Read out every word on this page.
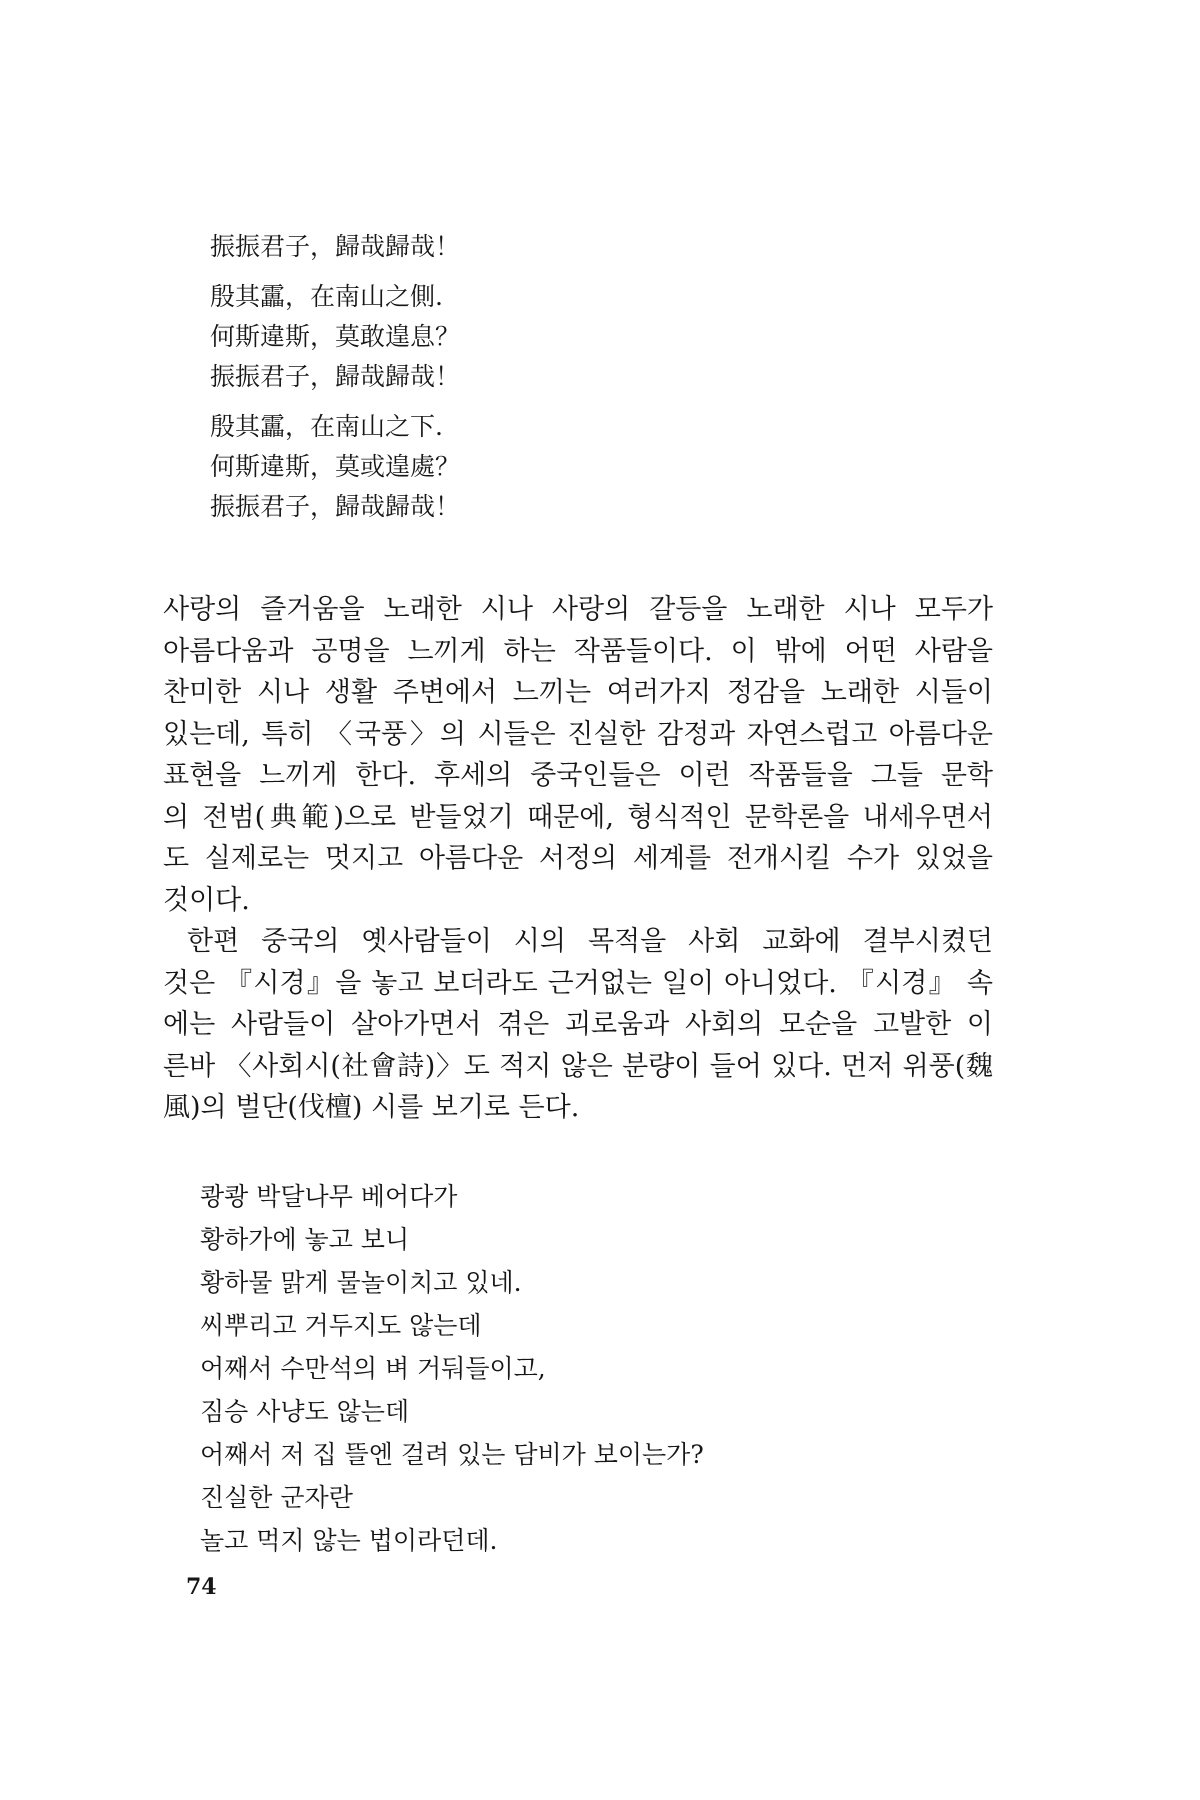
振振君子，歸哉歸哉！
殷其靁，在南山之側.
何斯違斯，莫敢遑息？
振振君子，歸哉歸哉！
殷其靁，在南山之下.
何斯違斯，莫或遑處？
振振君子，歸哉歸哉！
사랑의 즐거움을 노래한 시나 사랑의 갈등을 노래한 시나 모두가
아름다움과 공명을 느끼게 하는 작품들이다. 이 밖에 어떤 사람을
찬미한 시나 생활 주변에서 느끼는 여러가지 정감을 노래한 시들이
있는데, 특히 〈국풍〉의 시들은 진실한 감정과 자연스럽고 아름다운
표현을 느끼게 한다. 후세의 중국인들은 이런 작품들을 그들 문학
의 전범(典範)으로 받들었기 때문에, 형식적인 문학론을 내세우면서
도 실제로는 멋지고 아름다운 서정의 세계를 전개시킬 수가 있었을
것이다.
한편 중국의 옛사람들이 시의 목적을 사회 교화에 결부시켰던
것은 『시경』을 놓고 보더라도 근거없는 일이 아니었다. 『시경』 속
에는 사람들이 살아가면서 겪은 괴로움과 사회의 모순을 고발한 이
른바 〈사회시(社會詩)〉도 적지 않은 분량이 들어 있다. 먼저 위풍(魏
風)의 벌단(伐檀) 시를 보기로 든다.
쾅쾅 박달나무 베어다가
황하가에 놓고 보니
황하물 맑게 물놀이치고 있네.
씨뿌리고 거두지도 않는데
어째서 수만석의 벼 거둬들이고,
짐승 사냥도 않는데
어째서 저 집 뜰엔 걸려 있는 담비가 보이는가?
진실한 군자란
놀고 먹지 않는 법이라던데.
74
